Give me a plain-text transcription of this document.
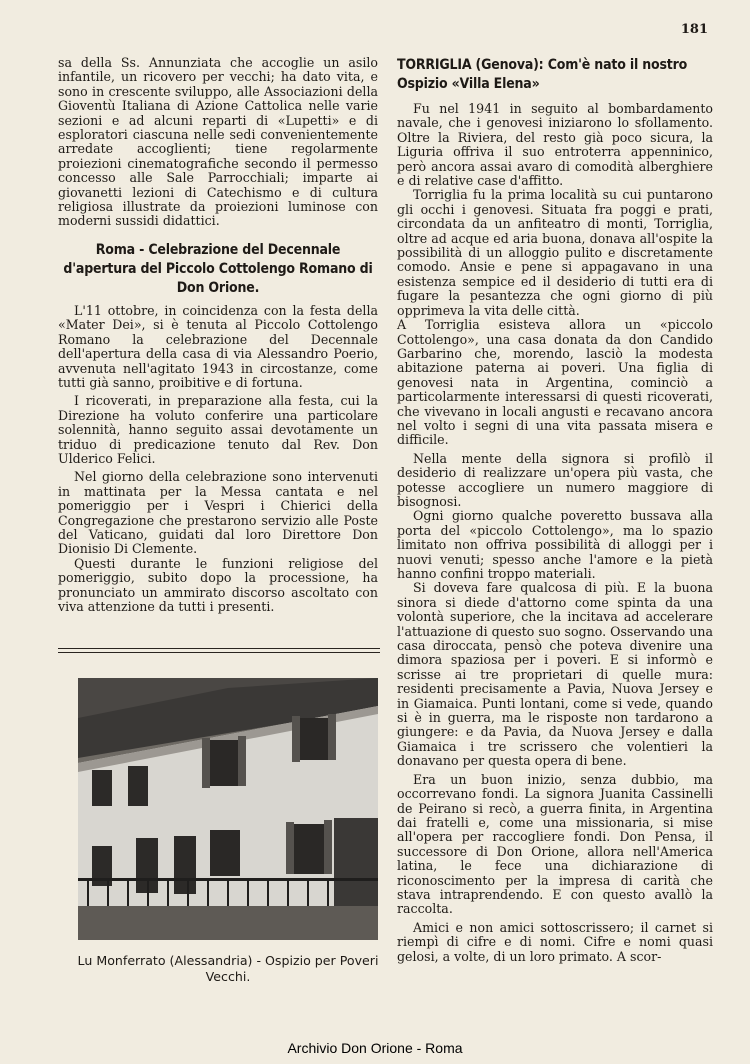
181

sa della Ss. Annunziata che accoglie un asilo infantile, un ricovero per vecchi; ha dato vita, e sono in crescente sviluppo, alle Associazioni della Gioventù Italiana di Azione Cattolica nelle varie sezioni e ad alcuni reparti di «Lupetti» e di esploratori ciascuna nelle sedi convenientemente arredate accoglienti; tiene regolarmente proiezioni cinematografiche secondo il permesso concesso alle Sale Parrocchiali; imparte ai giovanetti lezioni di Catechismo e di cultura religiosa illustrate da proiezioni luminose con moderni sussidi didattici.

Roma - Celebrazione del Decennale d'apertura del Piccolo Cottolengo Romano di Don Orione.

L'11 ottobre, in coincidenza con la festa della «Mater Dei», si è tenuta al Piccolo Cottolengo Romano la celebrazione del Decennale dell'apertura della casa di via Alessandro Poerio, avvenuta nell'agitato 1943 in circostanze, come tutti già sanno, proibitive e di fortuna.

I ricoverati, in preparazione alla festa, cui la Direzione ha voluto conferire una particolare solennità, hanno seguito assai devotamente un triduo di predicazione tenuto dal Rev. Don Ulderico Felici.

Nel giorno della celebrazione sono intervenuti in mattinata per la Messa cantata e nel pomeriggio per i Vespri i Chierici della Congregazione che prestarono servizio alle Poste del Vaticano, guidati dal loro Direttore Don Dionisio Di Clemente.

Questi durante le funzioni religiose del pomeriggio, subito dopo la processione, ha pronunciato un ammirato discorso ascoltato con viva attenzione da tutti i presenti.

Lu Monferrato (Alessandria) - Ospizio per Poveri Vecchi.
TORRIGLIA (Genova): Com'è nato il nostro Ospizio «Villa Elena»

Fu nel 1941 in seguito al bombardamento navale, che i genovesi iniziarono lo sfollamento. Oltre la Riviera, del resto già poco sicura, la Liguria offriva il suo entroterra appenninico, però ancora assai avaro di comodità alberghiere e di relative case d'affitto.

Torriglia fu la prima località su cui puntarono gli occhi i genovesi. Situata fra poggi e prati, circondata da un anfiteatro di monti, Torriglia, oltre ad acque ed aria buona, donava all'ospite la possibilità di un alloggio pulito e discretamente comodo. Ansie e pene si appagavano in una esistenza sempice ed il desiderio di tutti era di fugare la pesantezza che ogni giorno di più opprimeva la vita delle città.

A Torriglia esisteva allora un «piccolo Cottolengo», una casa donata da don Candido Garbarino che, morendo, lasciò la modesta abitazione paterna ai poveri. Una figlia di genovesi nata in Argentina, cominciò a particolarmente interessarsi di questi ricoverati, che vivevano in locali angusti e recavano ancora nel volto i segni di una vita passata misera e difficile.

Nella mente della signora si profilò il desiderio di realizzare un'opera più vasta, che potesse accogliere un numero maggiore di bisognosi.

Ogni giorno qualche poveretto bussava alla porta del «piccolo Cottolengo», ma lo spazio limitato non offriva possibilità di alloggi per i nuovi venuti; spesso anche l'amore e la pietà hanno confini troppo materiali.

Si doveva fare qualcosa di più. E la buona sinora si diede d'attorno come spinta da una volontà superiore, che la incitava ad accelerare l'attuazione di questo suo sogno. Osservando una casa diroccata, pensò che poteva divenire una dimora spaziosa per i poveri. E si informò e scrisse ai tre proprietari di quelle mura: residenti precisamente a Pavia, Nuova Jersey e in Giamaica. Punti lontani, come si vede, quando si è in guerra, ma le risposte non tardarono a giungere: e da Pavia, da Nuova Jersey e dalla Giamaica i tre scrissero che volentieri la donavano per questa opera di bene.

Era un buon inizio, senza dubbio, ma occorrevano fondi. La signora Juanita Cassinelli de Peirano si recò, a guerra finita, in Argentina dai fratelli e, come una missionaria, si mise all'opera per raccogliere fondi. Don Pensa, il successore di Don Orione, allora nell'America latina, le fece una dichiarazione di riconoscimento per la impresa di carità che stava intraprendendo. E con questo avallò la raccolta.

Amici e non amici sottoscrissero; il carnet si riempì di cifre e di nomi. Cifre e nomi quasi gelosi, a volte, di un loro primato. A scor-

Archivio Don Orione - Roma
